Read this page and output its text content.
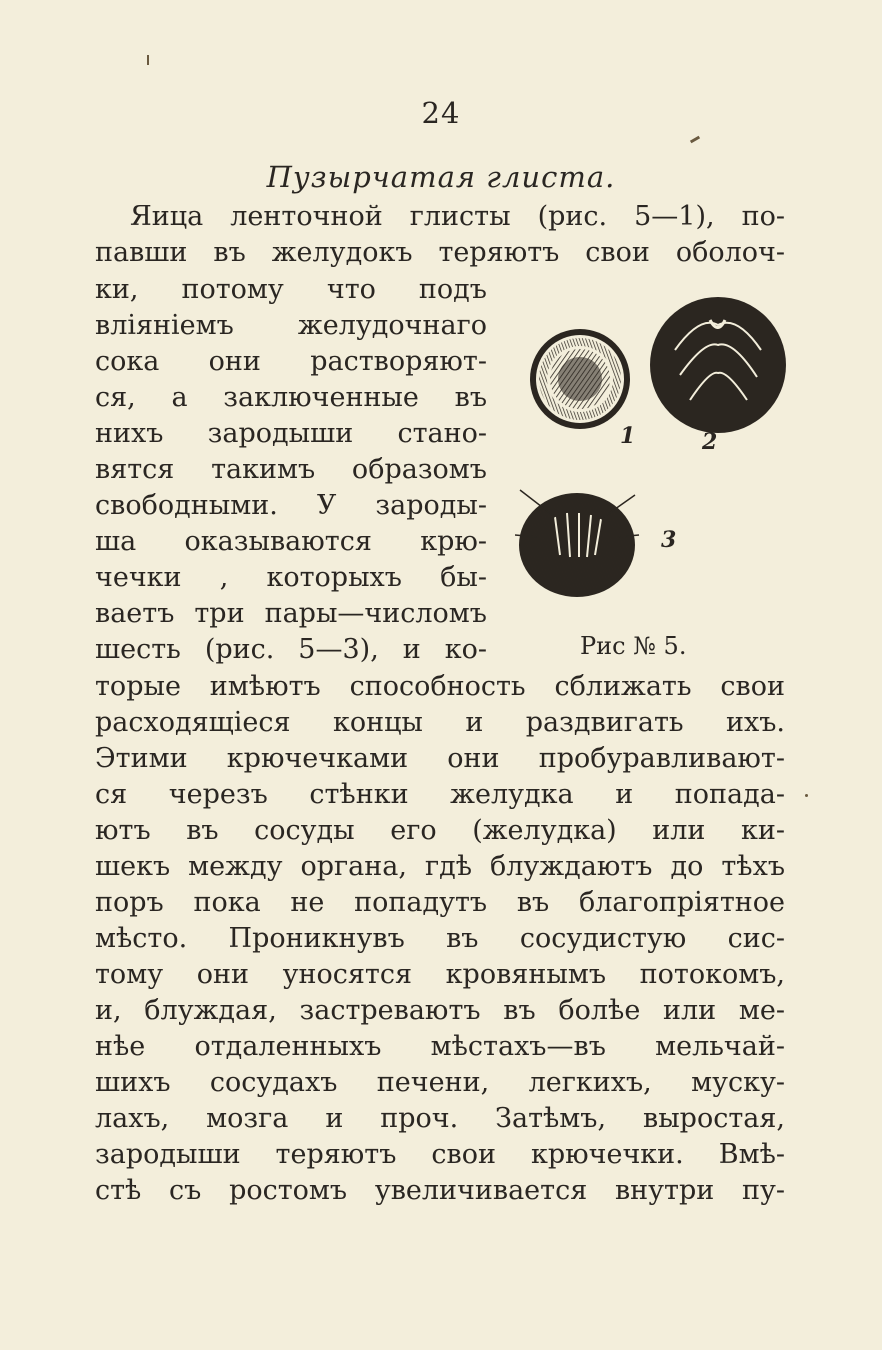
24
Пузырчатая глиста.
Яица ленточной глисты (рис. 5—1), по-
павши въ желудокъ теряютъ свои оболоч-
ки, потому что подъ
вліяніемъ желудочнаго
сока они растворяют-
ся, а заключенные въ
нихъ зародыши стано-
вятся такимъ образомъ
свободными. У зароды-
ша оказываются крю-
чечки , которыхъ бы-
ваетъ три пары—числомъ
шесть (рис. 5—3), и ко-
торые имѣютъ способность сближать свои
расходящіеся концы и раздвигать ихъ.
Этими крючечками они пробуравливают-
ся черезъ стѣнки желудка и попада-
ютъ въ сосуды его (желудка) или ки-
шекъ между органа, гдѣ блуждаютъ до тѣхъ
поръ пока не попадутъ въ благопріятное
мѣсто. Проникнувъ въ сосудистую сис-
тому они уносятся кровянымъ потокомъ,
и, блуждая, застреваютъ въ болѣе или ме-
нѣе отдаленныхъ мѣстахъ—въ мельчай-
шихъ сосудахъ печени, легкихъ, муску-
лахъ, мозга и проч. Затѣмъ, выростая,
зародыши теряютъ свои крючечки. Вмѣ-
стѣ съ ростомъ увеличивается внутри пу-
1	2
3
Рис № 5.
